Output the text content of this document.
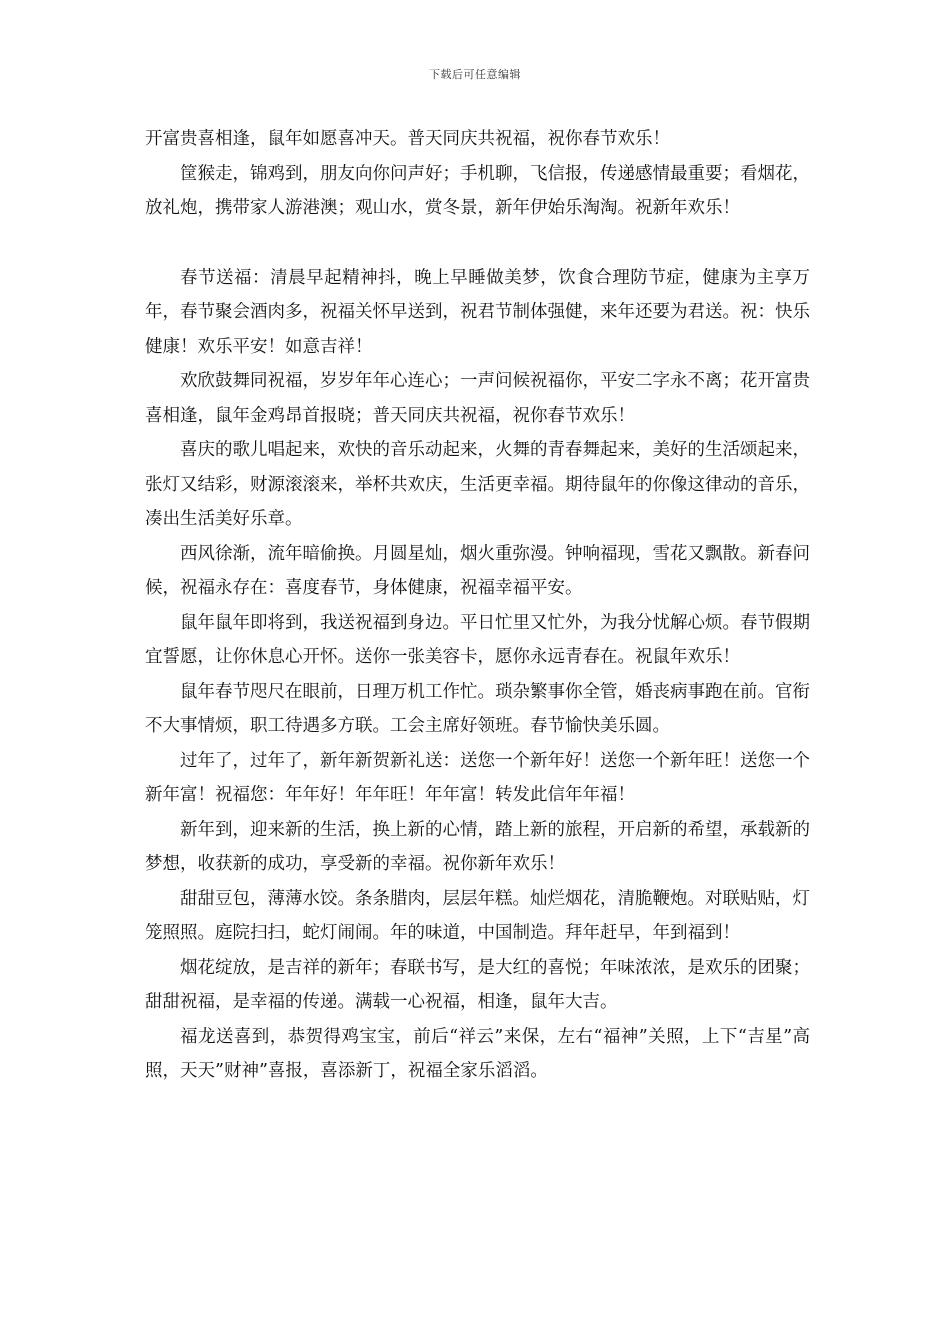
下载后可任意编辑

开富贵喜相逢，鼠年如愿喜冲天。普天同庆共祝福，祝你春节欢乐！

筐猴走，锦鸡到，朋友向你问声好；手机聊，飞信报，传递感情最重要；看烟花，放礼炮，携带家人游港澳；观山水，赏冬景，新年伊始乐淘淘。祝新年欢乐！

春节送福：清晨早起精神抖，晚上早睡做美梦，饮食合理防节症，健康为主享万年，春节聚会酒肉多，祝福关怀早送到，祝君节制体强健，来年还要为君送。祝：快乐健康！欢乐平安！如意吉祥！

欢欣鼓舞同祝福，岁岁年年心连心；一声问候祝福你，平安二字永不离；花开富贵喜相逢，鼠年金鸡昂首报晓；普天同庆共祝福，祝你春节欢乐！

喜庆的歌儿唱起来，欢快的音乐动起来，火舞的青春舞起来，美好的生活颂起来，张灯又结彩，财源滚滚来，举杯共欢庆，生活更幸福。期待鼠年的你像这律动的音乐，凑出生活美好乐章。

西风徐渐，流年暗偷换。月圆星灿，烟火重弥漫。钟响福现，雪花又飘散。新春问候，祝福永存在：喜度春节，身体健康，祝福幸福平安。

鼠年鼠年即将到，我送祝福到身边。平日忙里又忙外，为我分忧解心烦。春节假期宜誓愿，让你休息心开怀。送你一张美容卡，愿你永远青春在。祝鼠年欢乐！

鼠年春节咫尺在眼前，日理万机工作忙。琐杂繁事你全管，婚丧病事跑在前。官衔不大事情烦，职工待遇多方联。工会主席好领班。春节愉快美乐圆。

过年了，过年了，新年新贺新礼送：送您一个新年好！送您一个新年旺！送您一个新年富！祝福您：年年好！年年旺！年年富！转发此信年年福！

新年到，迎来新的生活，换上新的心情，踏上新的旅程，开启新的希望，承载新的梦想，收获新的成功，享受新的幸福。祝你新年欢乐！

甜甜豆包，薄薄水饺。条条腊肉，层层年糕。灿烂烟花，清脆鞭炮。对联贴贴，灯笼照照。庭院扫扫，蛇灯闹闹。年的味道，中国制造。拜年赶早，年到福到！

烟花绽放，是吉祥的新年；春联书写，是大红的喜悦；年味浓浓，是欢乐的团聚；甜甜祝福，是幸福的传递。满载一心祝福，相逢，鼠年大吉。

福龙送喜到，恭贺得鸡宝宝，前后“祥云”来保，左右“福神”关照，上下“吉星”高照，天天”财神”喜报，喜添新丁，祝福全家乐滔滔。
